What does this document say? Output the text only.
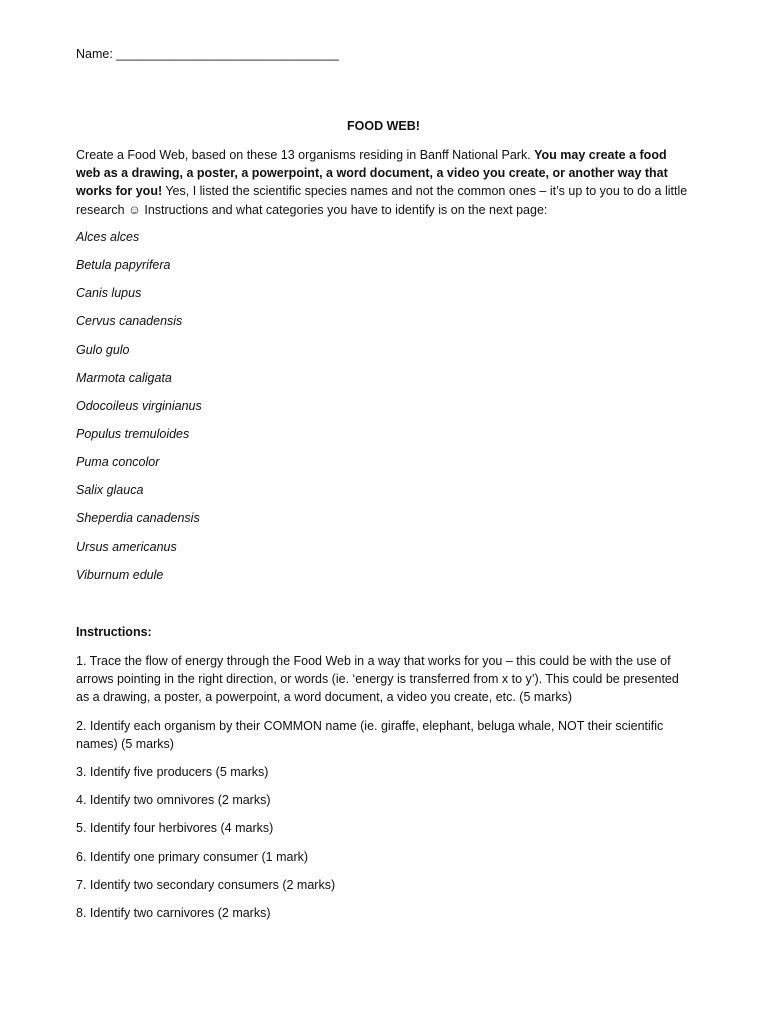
Name: ________________________________
FOOD WEB!

Create a Food Web, based on these 13 organisms residing in Banff National Park. You may create a food web as a drawing, a poster, a powerpoint, a word document, a video you create, or another way that works for you! Yes, I listed the scientific species names and not the common ones – it’s up to you to do a little research ☺ Instructions and what categories you have to identify is on the next page:

Alces alces
Betula papyrifera
Canis lupus
Cervus canadensis
Gulo gulo
Marmota caligata
Odocoileus virginianus
Populus tremuloides
Puma concolor
Salix glauca
Sheperdia canadensis
Ursus americanus
Viburnum edule
Instructions:
1. Trace the flow of energy through the Food Web in a way that works for you – this could be with the use of arrows pointing in the right direction, or words (ie. ‘energy is transferred from x to y’). This could be presented as a drawing, a poster, a powerpoint, a word document, a video you create, etc. (5 marks)
2. Identify each organism by their COMMON name (ie. giraffe, elephant, beluga whale, NOT their scientific names) (5 marks)
3. Identify five producers (5 marks)
4. Identify two omnivores (2 marks)
5. Identify four herbivores (4 marks)
6. Identify one primary consumer (1 mark)
7. Identify two secondary consumers (2 marks)
8. Identify two carnivores (2 marks)
